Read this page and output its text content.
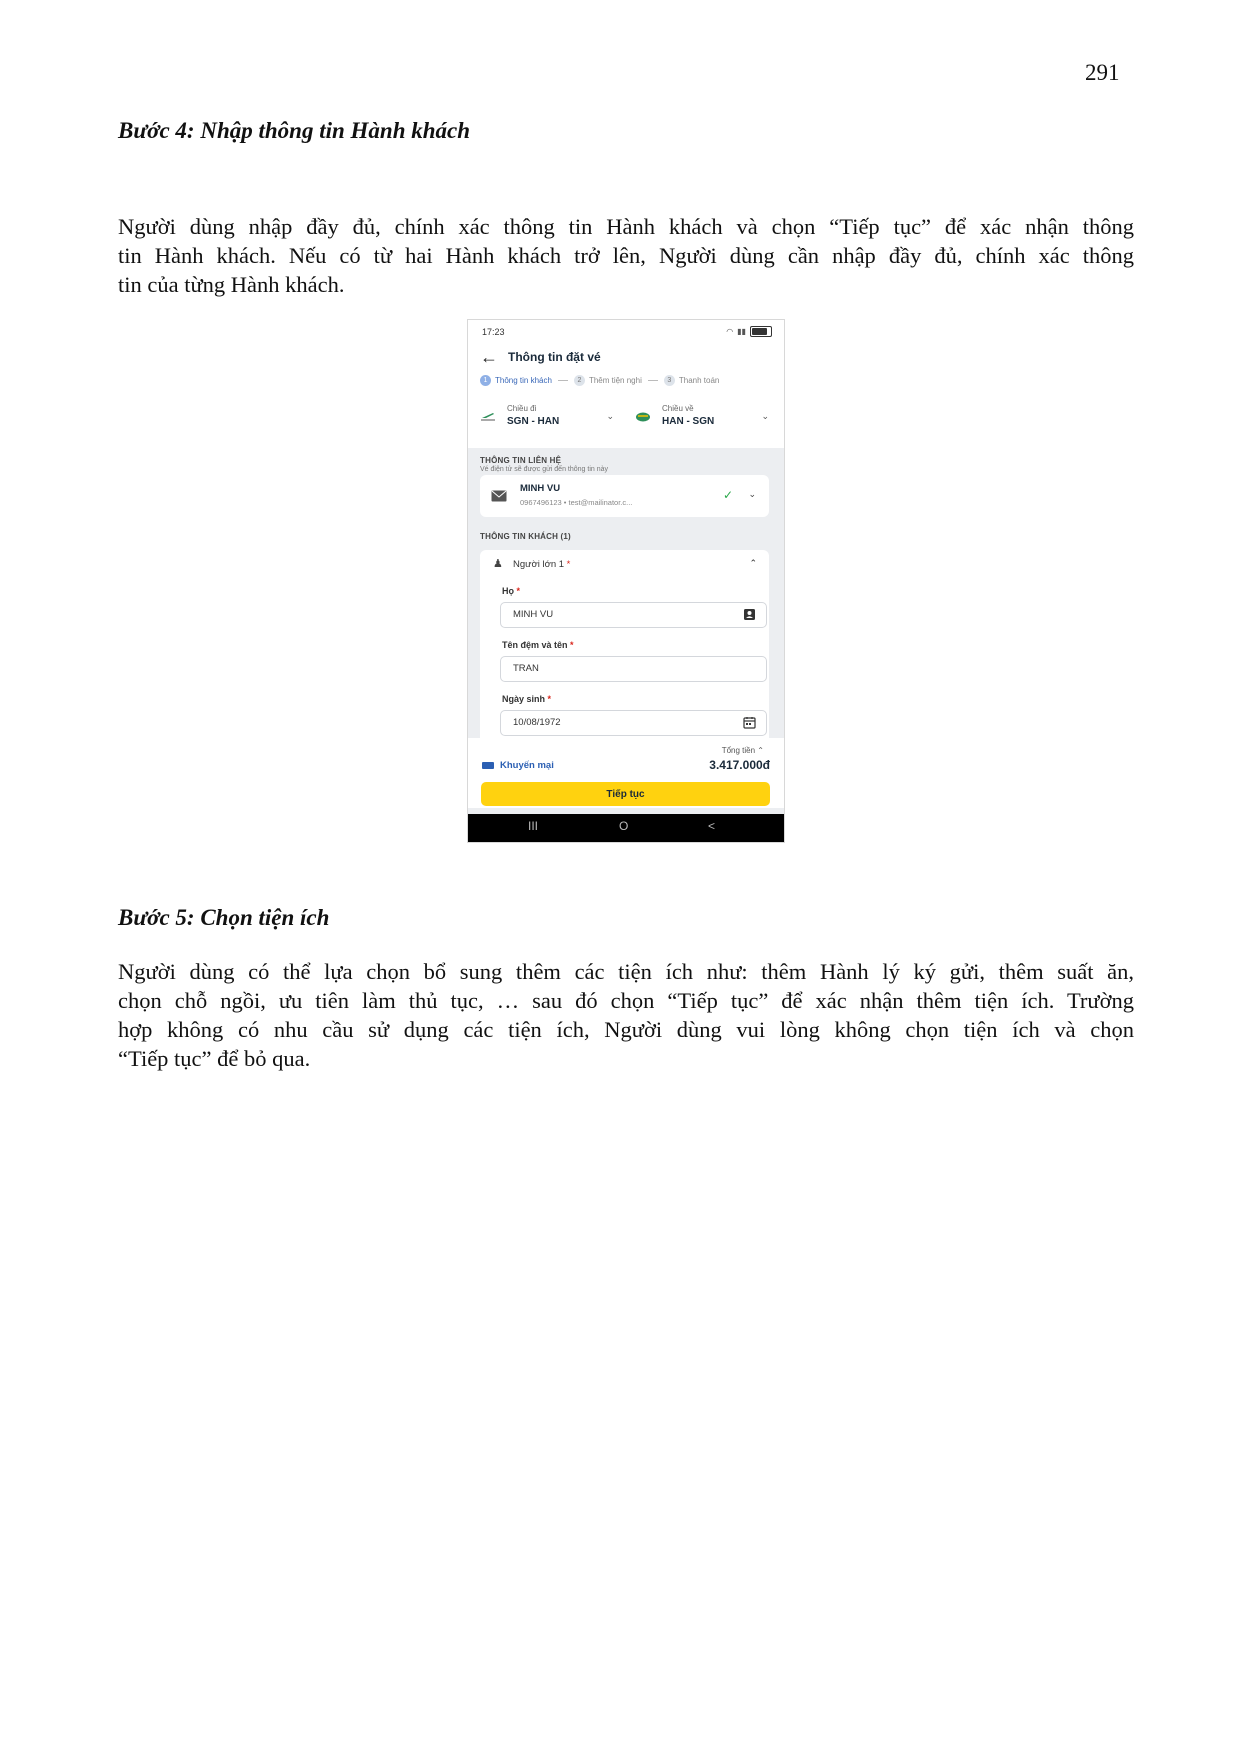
291
Bước 4: Nhập thông tin Hành khách

Người dùng nhập đầy đủ, chính xác thông tin Hành khách và chọn “Tiếp tục” để xác nhận thông
tin Hành khách. Nếu có từ hai Hành khách trở lên, Người dùng cần nhập đầy đủ, chính xác thông
tin của từng Hành khách.

17:23	◠ ▮▮
← Thông tin đặt vé
1 Thông tin khách	2 Thêm tiện nghi	3 Thanh toán
Chiều đi
SGN - HAN	⌄
Chiều về
HAN - SGN	⌄
THÔNG TIN LIÊN HỆ
Vé điện tử sẽ được gửi đến thông tin này
MINH VU
0967496123 • test@mailinator.c...
✓ ⌄
THÔNG TIN KHÁCH (1)
♟ Người lớn 1 *	⌃
Họ *
MINH VU
Tên đệm và tên *
TRAN
Ngày sinh *
10/08/1972
Khuyến mại
Tổng tiền ⌃
3.417.000đ
Tiếp tục
III	O	<
Bước 5: Chọn tiện ích

Người dùng có thể lựa chọn bổ sung thêm các tiện ích như: thêm Hành lý ký gửi, thêm suất ăn,
chọn chỗ ngồi, ưu tiên làm thủ tục, … sau đó chọn “Tiếp tục” để xác nhận thêm tiện ích. Trường
hợp không có nhu cầu sử dụng các tiện ích, Người dùng vui lòng không chọn tiện ích và chọn
“Tiếp tục” để bỏ qua.
